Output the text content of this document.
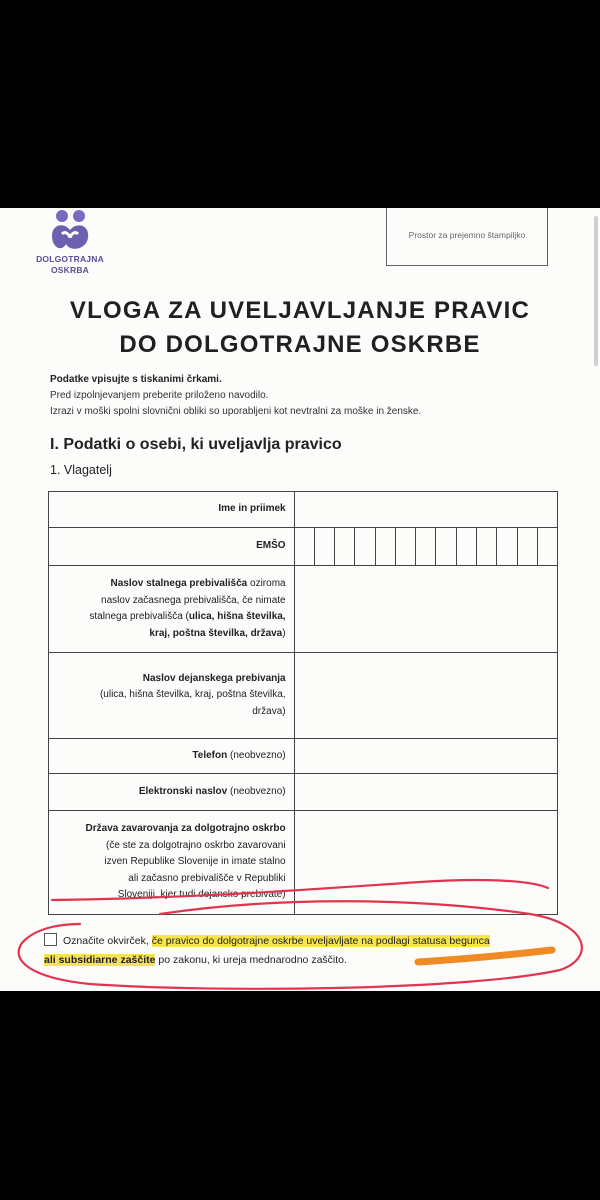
DOLGOTRAJNA
OSKRBA
Prostor za prejemno štampiljko
VLOGA ZA UVELJAVLJANJE PRAVIC
DO DOLGOTRAJNE OSKRBE
Podatke vpisujte s tiskanimi črkami.
Pred izpolnjevanjem preberite priloženo navodilo.
Izrazi v moški spolni slovnični obliki so uporabljeni kot nevtralni za moške in ženske.
I. Podatki o osebi, ki uveljavlja pravico
1. Vlagatelj
Ime in priimek	
EMŠO	

Naslov stalnega prebivališča oziroma
naslov začasnega prebivališča, če nimate
stalnega prebivališča (ulica, hišna številka,
kraj, poštna številka, država)	
Naslov dejanskega prebivanja
(ulica, hišna številka, kraj, poštna številka,
država)	
Telefon (neobvezno)	
Elektronski naslov (neobvezno)	
Država zavarovanja za dolgotrajno oskrbo
(če ste za dolgotrajno oskrbo zavarovani
izven Republike Slovenije in imate stalno
ali začasno prebivališče v Republiki
Sloveniji, kjer tudi dejansko prebivate)	
Označite okvirček, če pravico do dolgotrajne oskrbe uveljavljate na podlagi statusa begunca
ali subsidiarne zaščite po zakonu, ki ureja mednarodno zaščito.
